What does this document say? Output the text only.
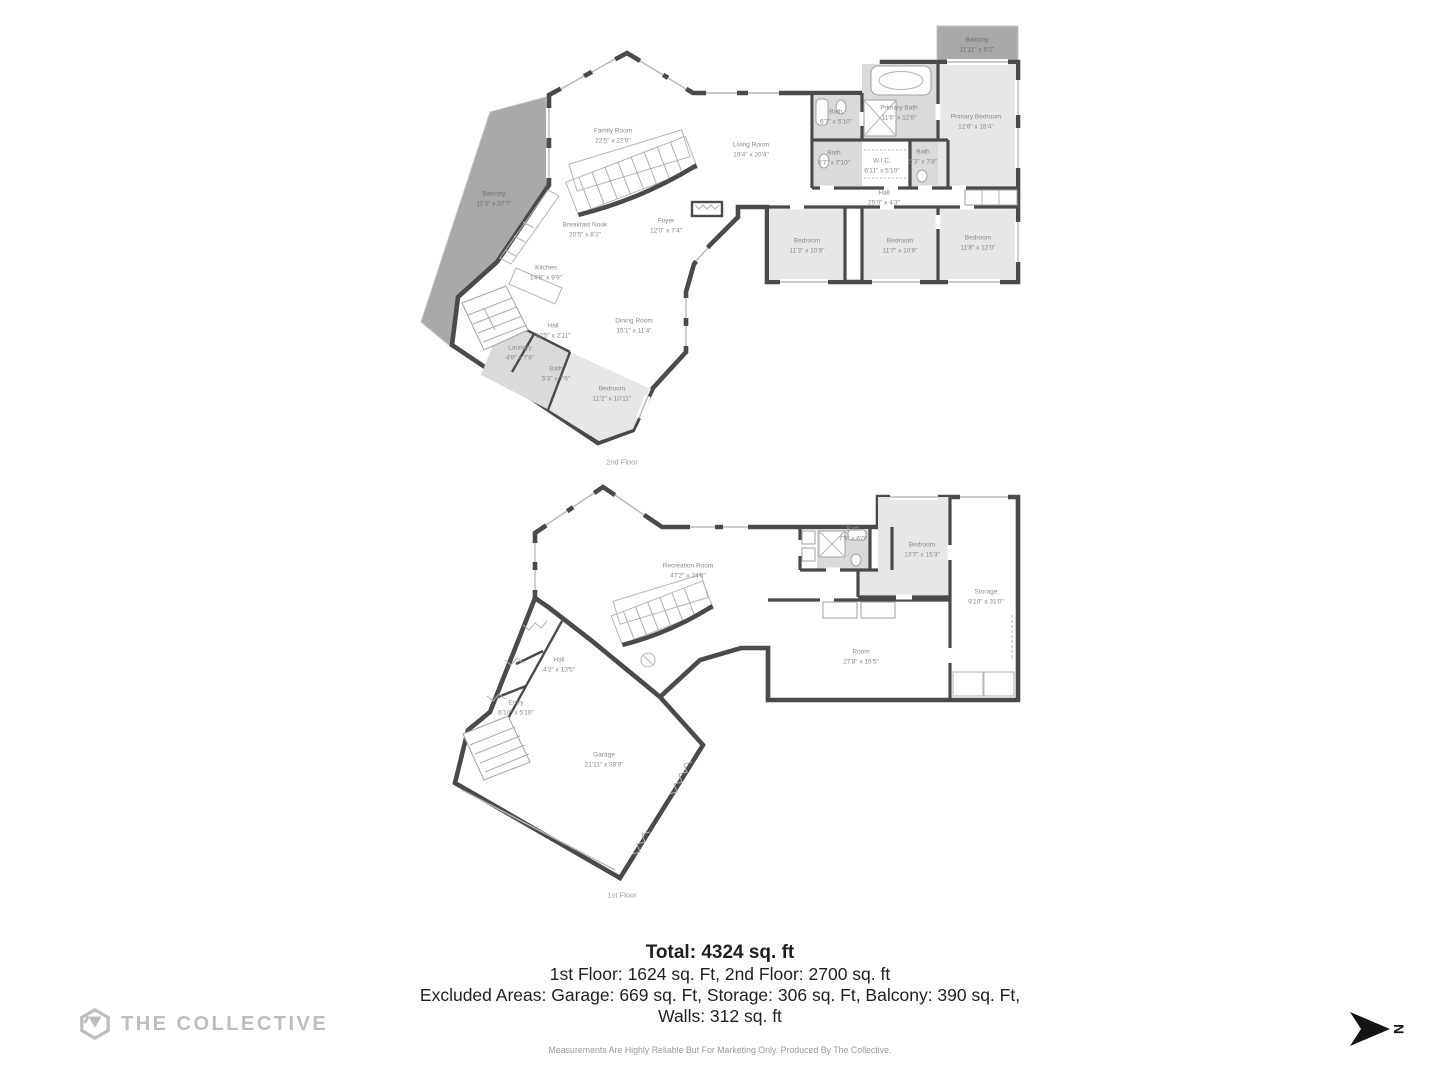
Balcony
11'11" x 5'2"
Bath
6'7" x 5'10"
Primary Bath
11'6" x 12'8"	Primary Bedroom
12'6" x 18'4"
Family Room
22'5" x 22'6"
Living Room
19'4" x 20'4"	Bath
6'7" x 7'10"	W.I.C.
6'11" x 5'10"
Bath
5'3" x 7'8"
Hall
25'0" x 4'3"
Balcony
11'3" x 37'7"
Breakfast Nook
20'5" x 8'3"
Foyer
12'0" x 7'4"
Bedroom
11'3" x 10'9"
Bedroom
11'7" x 10'9"
Bedroom
11'8" x 12'0"
Kitchen
14'9" x 9'9"
Dining Room
15'1" x 11'4"
Hall
10'5" x 2'11"
Laundry
4'9" x 7'6"
Bath
5'3" x 7'6"
Bedroom
11'2" x 10'11"
2nd Floor
Recreation Room
47'2" x 24'0"
Bath
7'5" x 6'0"
Bedroom
13'7" x 15'3"
Storage
9'10" x 31'0"
Room
27'8" x 15'5"
Hall
4'2" x 13'5"
Entry
6'10" x 5'10"
Garage
21'11" x 38'9"
1st Floor
Total: 4324 sq. ft
1st Floor: 1624 sq. Ft, 2nd Floor: 2700 sq. ft
Excluded Areas: Garage: 669 sq. Ft, Storage: 306 sq. Ft, Balcony: 390 sq. Ft,
Walls: 312 sq. ft
Measurements Are Highly Reliable But For Marketing Only. Produced By The Collective.
THE COLLECTIVE	N
